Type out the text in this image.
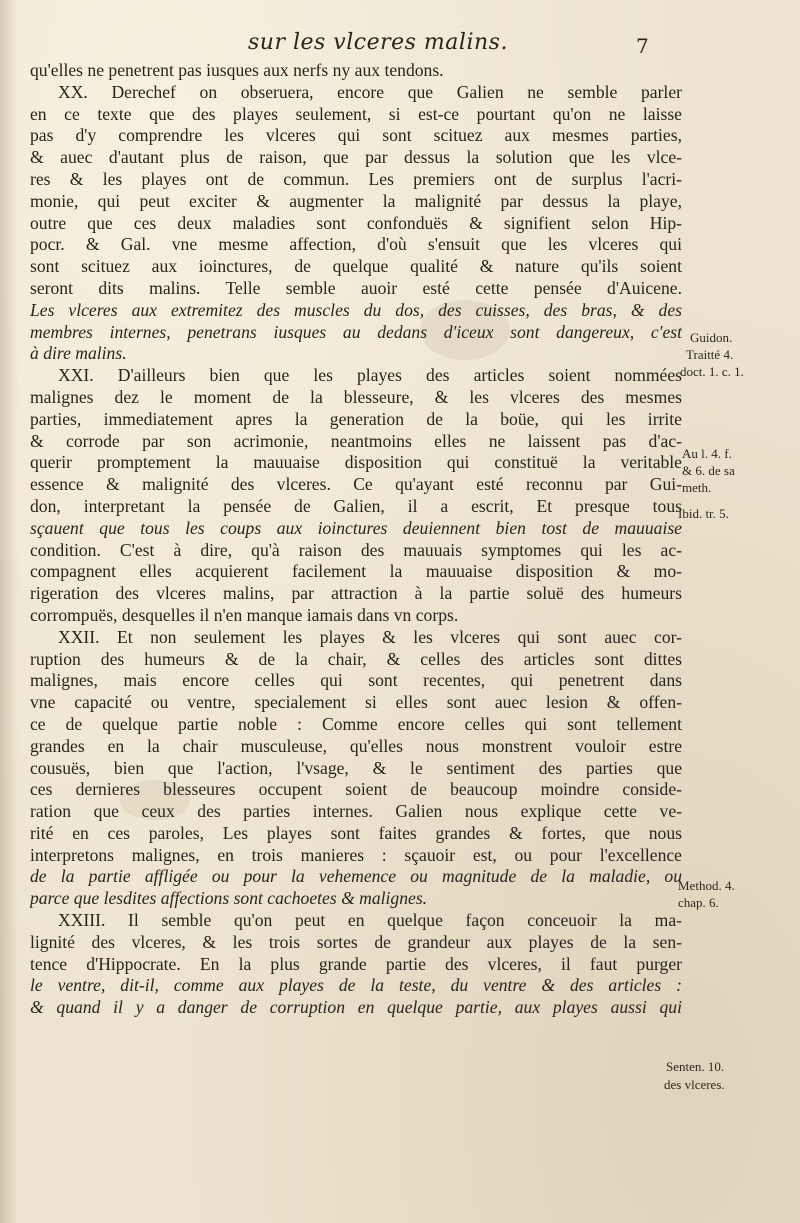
sur les vlceres malins.	7
qu'elles ne penetrent pas iusques aux nerfs ny aux tendons.
XX. Derechef on obseruera, encore que Galien ne semble parler
en ce texte que des playes seulement, si est-ce pourtant qu'on ne laisse
pas d'y comprendre les vlceres qui sont scituez aux mesmes parties,
& auec d'autant plus de raison, que par dessus la solution que les vlce-
res & les playes ont de commun. Les premiers ont de surplus l'acri-
monie, qui peut exciter & augmenter la malignité par dessus la playe,
outre que ces deux maladies sont confonduës & signifient selon Hip-
pocr. & Gal. vne mesme affection, d'où s'ensuit que les vlceres qui
sont scituez aux ioinctures, de quelque qualité & nature qu'ils soient
seront dits malins. Telle semble auoir esté cette pensée d'Auicene.
Les vlceres aux extremitez des muscles du dos, des cuisses, des bras, & des
membres internes, penetrans iusques au dedans d'iceux sont dangereux, c'est
à dire malins.
XXI. D'ailleurs bien que les playes des articles soient nommées
malignes dez le moment de la blesseure, & les vlceres des mesmes
parties, immediatement apres la generation de la boüe, qui les irrite
& corrode par son acrimonie, neantmoins elles ne laissent pas d'ac-
querir promptement la mauuaise disposition qui constituë la veritable
essence & malignité des vlceres. Ce qu'ayant esté reconnu par Gui-
don, interpretant la pensée de Galien, il a escrit, Et presque tous
sçauent que tous les coups aux ioinctures deuiennent bien tost de mauuaise
condition. C'est à dire, qu'à raison des mauuais symptomes qui les ac-
compagnent elles acquierent facilement la mauuaise disposition & mo-
rigeration des vlceres malins, par attraction à la partie soluë des humeurs
corrompuës, desquelles il n'en manque iamais dans vn corps.
XXII. Et non seulement les playes & les vlceres qui sont auec cor-
ruption des humeurs & de la chair, & celles des articles sont dittes
malignes, mais encore celles qui sont recentes, qui penetrent dans
vne capacité ou ventre, specialement si elles sont auec lesion & offen-
ce de quelque partie noble : Comme encore celles qui sont tellement
grandes en la chair musculeuse, qu'elles nous monstrent vouloir estre
cousuës, bien que l'action, l'vsage, & le sentiment des parties que
ces dernieres blesseures occupent soient de beaucoup moindre conside-
ration que ceux des parties internes. Galien nous explique cette ve-
rité en ces paroles, Les playes sont faites grandes & fortes, que nous
interpretons malignes, en trois manieres : sçauoir est, ou pour l'excellence
de la partie affligée ou pour la vehemence ou magnitude de la maladie, ou
parce que lesdites affections sont cachoetes & malignes.
XXIII. Il semble qu'on peut en quelque façon conceuoir la ma-
lignité des vlceres, & les trois sortes de grandeur aux playes de la sen-
tence d'Hippocrate. En la plus grande partie des vlceres, il faut purger
le ventre, dit-il, comme aux playes de la teste, du ventre & des articles :
& quand il y a danger de corruption en quelque partie, aux playes aussi qui
Au l. 4. f.
& 6. de sa
meth.
Guidon.
Traitté 4.
doct. 1. c. 1.
Ibid. tr. 5.
Method. 4.
chap. 6.
Senten. 10.
des vlceres.
